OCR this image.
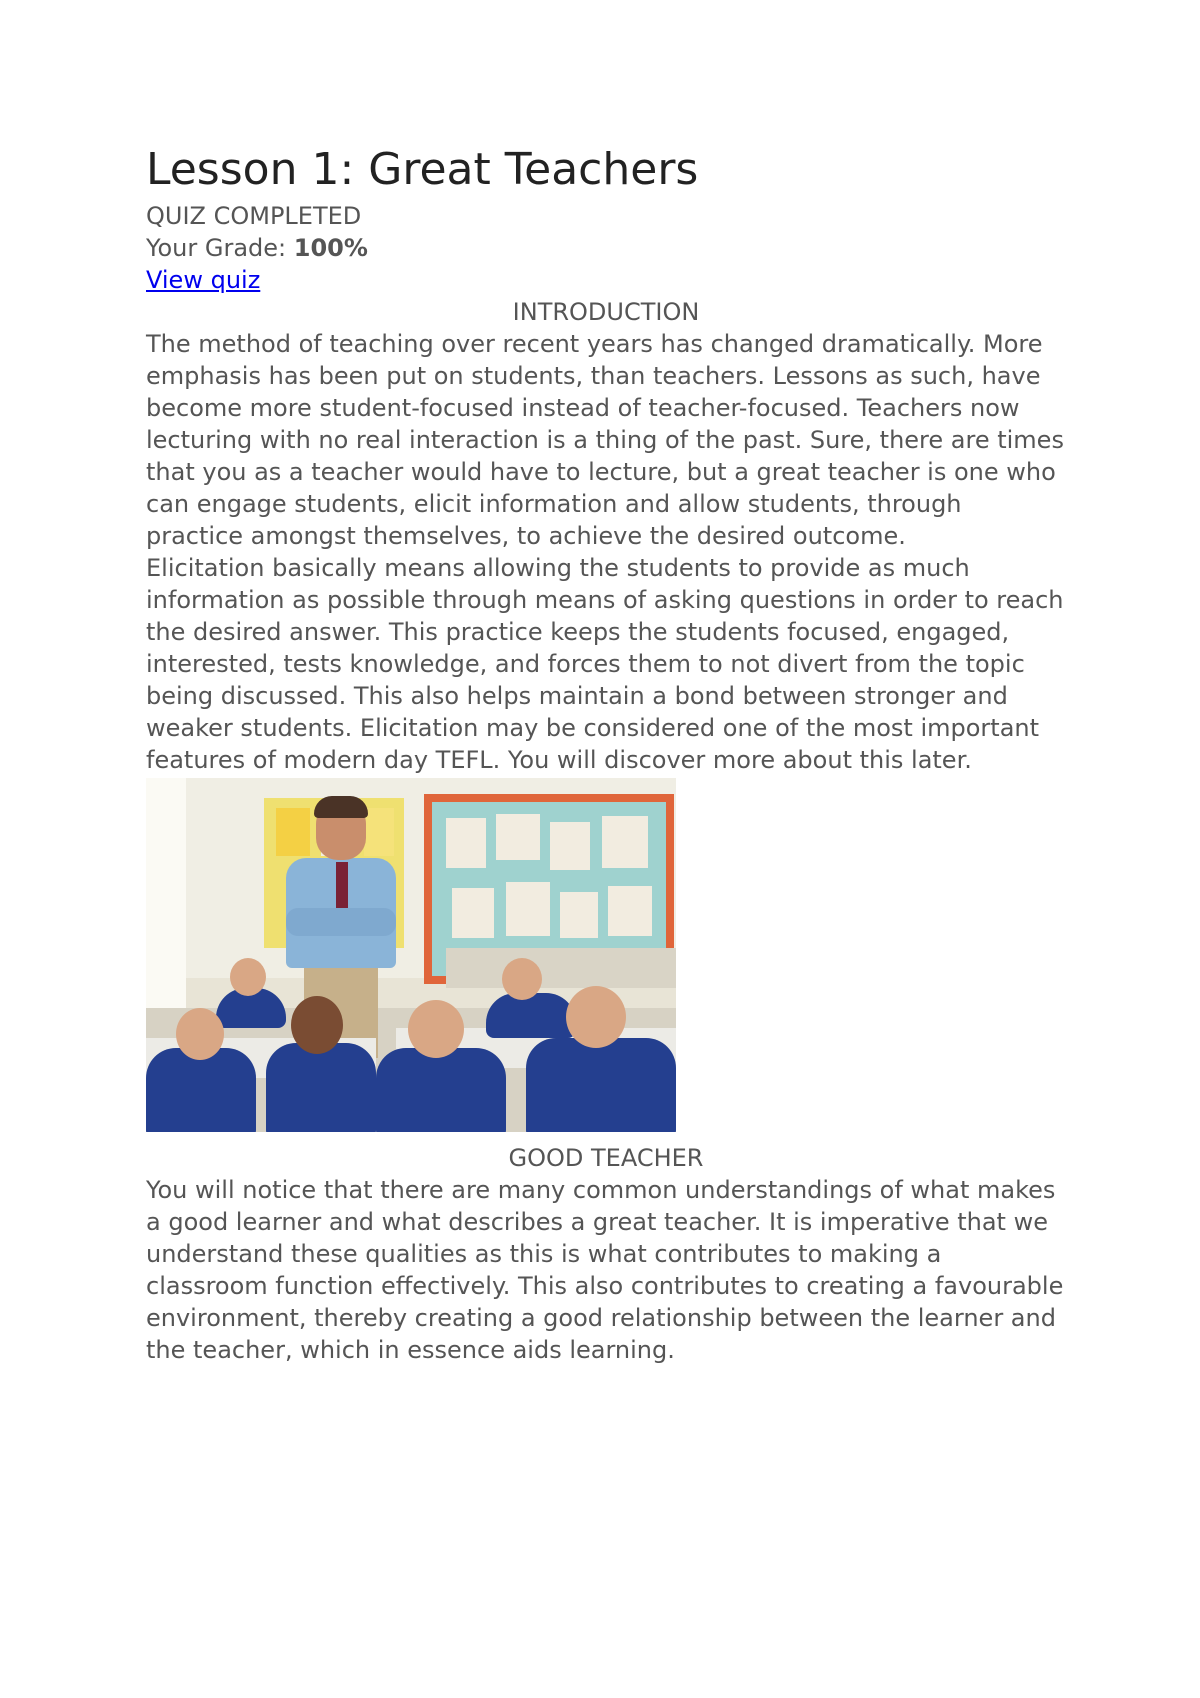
Lesson 1: Great Teachers

QUIZ COMPLETED

Your Grade: 100%

View quiz

INTRODUCTION

The method of teaching over recent years has changed dramatically. More emphasis has been put on students, than teachers. Lessons as such, have become more student-focused instead of teacher-focused. Teachers now lecturing with no real interaction is a thing of the past. Sure, there are times that you as a teacher would have to lecture, but a great teacher is one who can engage students, elicit information and allow students, through practice amongst themselves, to achieve the desired outcome.

Elicitation basically means allowing the students to provide as much information as possible through means of asking questions in order to reach the desired answer. This practice keeps the students focused, engaged, interested, tests knowledge, and forces them to not divert from the topic being discussed. This also helps maintain a bond between stronger and weaker students. Elicitation may be considered one of the most important features of modern day TEFL. You will discover more about this later.

GOOD TEACHER

You will notice that there are many common understandings of what makes a good learner and what describes a great teacher. It is imperative that we understand these qualities as this is what contributes to making a classroom function effectively. This also contributes to creating a favourable environment, thereby creating a good relationship between the learner and the teacher, which in essence aids learning.
